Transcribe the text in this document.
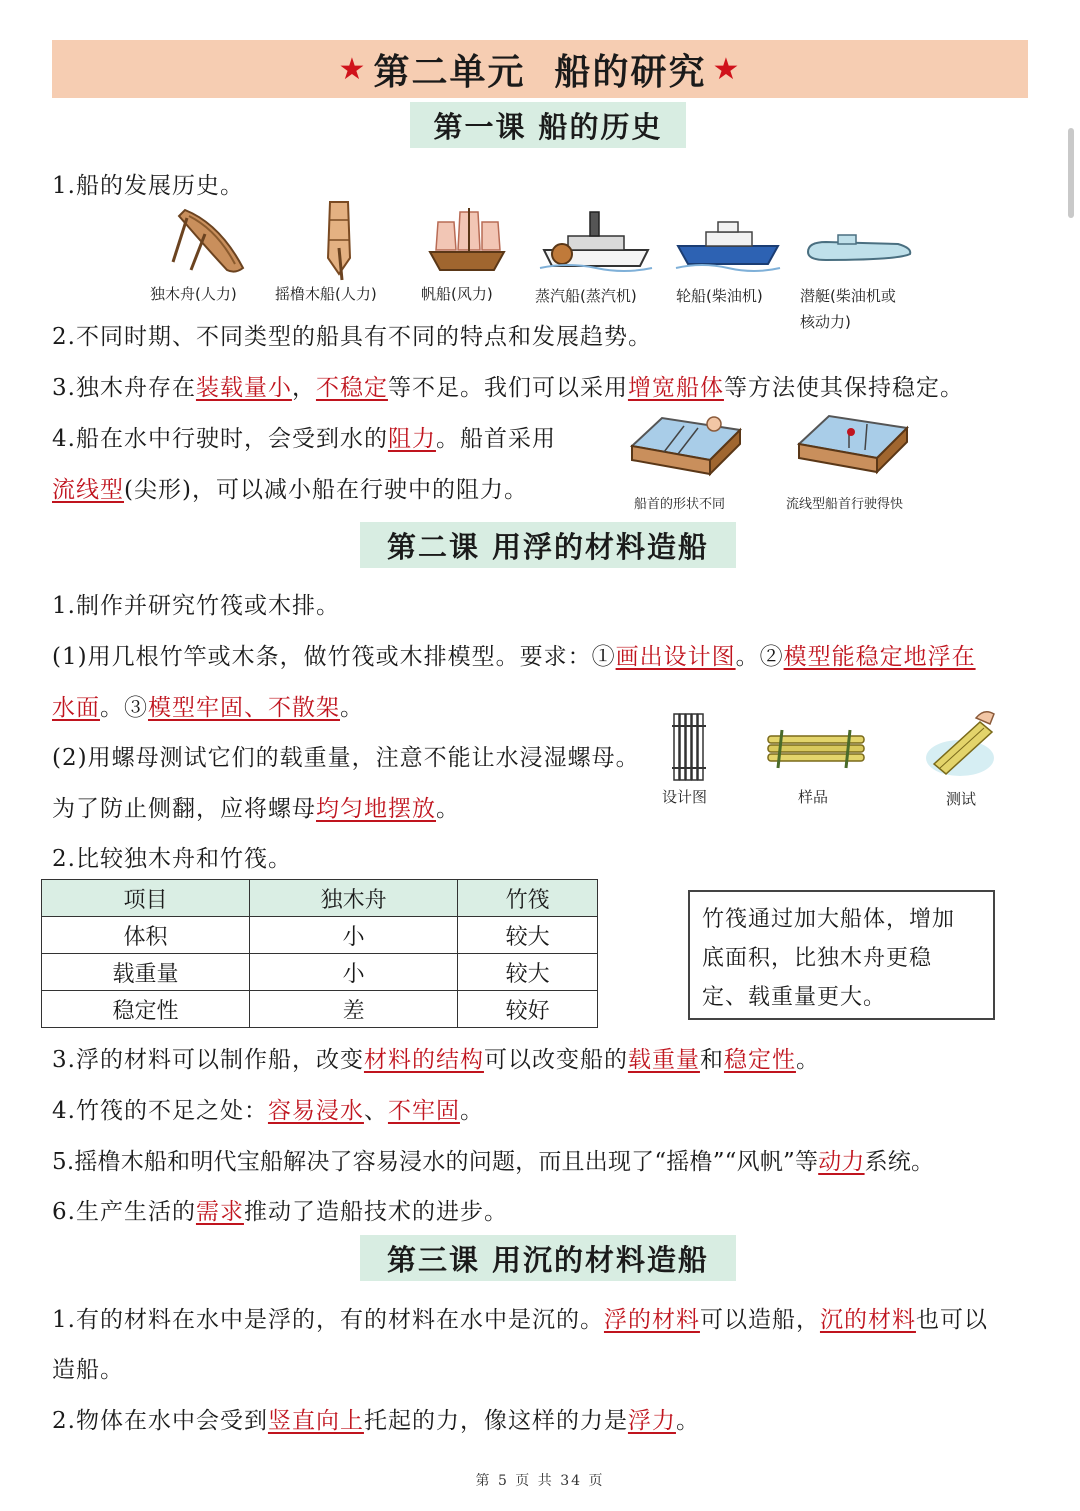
★ 第二单元  船的研究 ★
第一课 船的历史
1.船的发展历史。
独木舟(人力)	摇橹木船(人力)	帆船(风力)	蒸汽船(蒸汽机)	轮船(柴油机) 潜艇(柴油机或
核动力)
2.不同时期、不同类型的船具有不同的特点和发展趋势。
3.独木舟存在装载量小，不稳定等不足。我们可以采用增宽船体等方法使其保持稳定。
4.船在水中行驶时，会受到水的阻力。船首采用
流线型(尖形)，可以减小船在行驶中的阻力。
船首的形状不同	流线型船首行驶得快
第二课 用浮的材料造船
1.制作并研究竹筏或木排。
(1)用几根竹竿或木条，做竹筏或木排模型。要求：①画出设计图。②模型能稳定地浮在
水面。③模型牢固、不散架。
(2)用螺母测试它们的载重量，注意不能让水浸湿螺母。
为了防止侧翻，应将螺母均匀地摆放。	设计图	样品	测试
2.比较独木舟和竹筏。
项目	独木舟	竹筏
体积	小	较大
载重量	小	较大
稳定性	差	较好
竹筏通过加大船体，增加
底面积，比独木舟更稳
定、载重量更大。
3.浮的材料可以制作船，改变材料的结构可以改变船的载重量和稳定性。
4.竹筏的不足之处：容易浸水、不牢固。
5.摇橹木船和明代宝船解决了容易浸水的问题，而且出现了“摇橹”“风帆”等动力系统。
6.生产生活的需求推动了造船技术的进步。
第三课 用沉的材料造船
1.有的材料在水中是浮的，有的材料在水中是沉的。浮的材料可以造船，沉的材料也可以
造船。
2.物体在水中会受到竖直向上托起的力，像这样的力是浮力。
第 5 页 共 34 页
